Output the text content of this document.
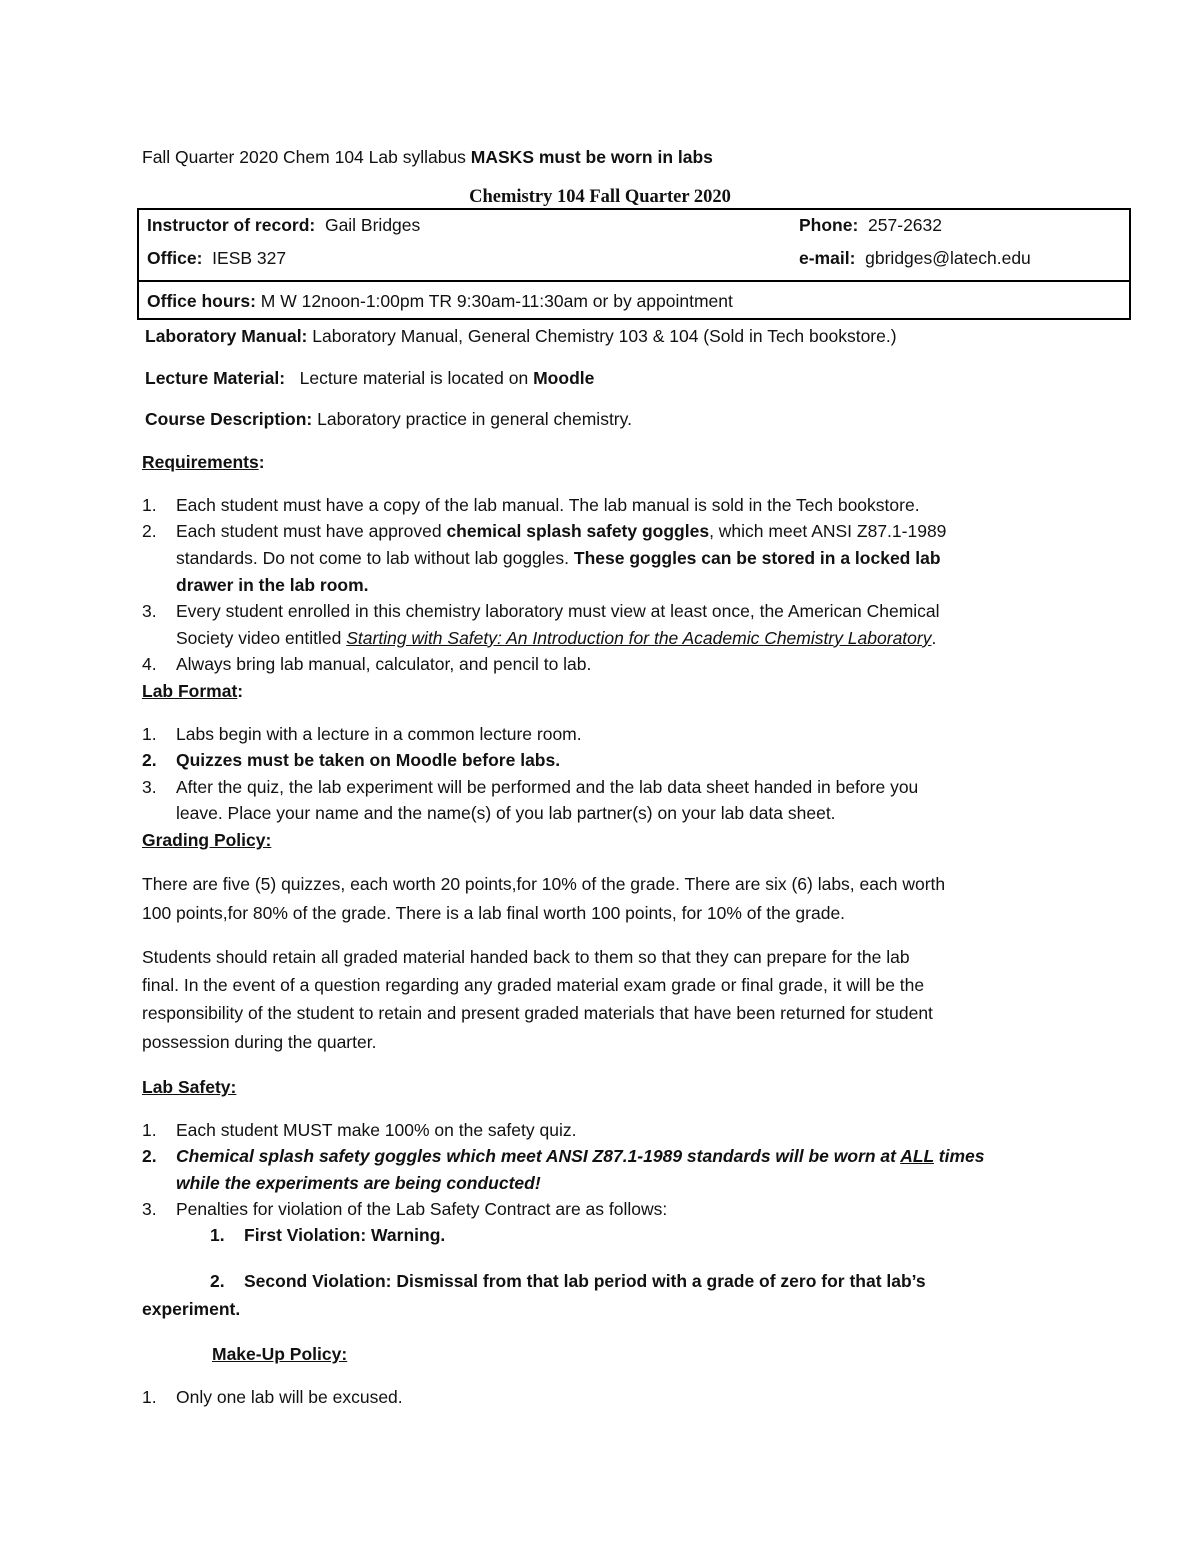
Fall Quarter 2020 Chem 104 Lab syllabus MASKS must be worn in labs
Chemistry 104 Fall Quarter 2020
Instructor of record: Gail Bridges	Phone: 257-2632
Office: IESB 327	e-mail: gbridges@latech.edu
Office hours: M W 12noon-1:00pm TR 9:30am-11:30am or by appointment
Laboratory Manual: Laboratory Manual, General Chemistry 103 & 104 (Sold in Tech bookstore.)
Lecture Material: Lecture material is located on Moodle
Course Description: Laboratory practice in general chemistry.
Requirements:
1. Each student must have a copy of the lab manual. The lab manual is sold in the Tech bookstore.
2. Each student must have approved chemical splash safety goggles, which meet ANSI Z87.1-1989
standards. Do not come to lab without lab goggles. These goggles can be stored in a locked lab
drawer in the lab room.
3. Every student enrolled in this chemistry laboratory must view at least once, the American Chemical
Society video entitled Starting with Safety: An Introduction for the Academic Chemistry Laboratory.
4. Always bring lab manual, calculator, and pencil to lab.
Lab Format:
1. Labs begin with a lecture in a common lecture room.
2. Quizzes must be taken on Moodle before labs.
3. After the quiz, the lab experiment will be performed and the lab data sheet handed in before you
leave. Place your name and the name(s) of you lab partner(s) on your lab data sheet.
Grading Policy:
There are five (5) quizzes, each worth 20 points,for 10% of the grade. There are six (6) labs, each worth
100 points,for 80% of the grade. There is a lab final worth 100 points, for 10% of the grade.
Students should retain all graded material handed back to them so that they can prepare for the lab
final. In the event of a question regarding any graded material exam grade or final grade, it will be the
responsibility of the student to retain and present graded materials that have been returned for student
possession during the quarter.
Lab Safety:
1. Each student MUST make 100% on the safety quiz.
2. Chemical splash safety goggles which meet ANSI Z87.1-1989 standards will be worn at ALL times
while the experiments are being conducted!
3. Penalties for violation of the Lab Safety Contract are as follows:
1. First Violation: Warning.
2. Second Violation: Dismissal from that lab period with a grade of zero for that lab’s
experiment.
Make-Up Policy:
1. Only one lab will be excused.
